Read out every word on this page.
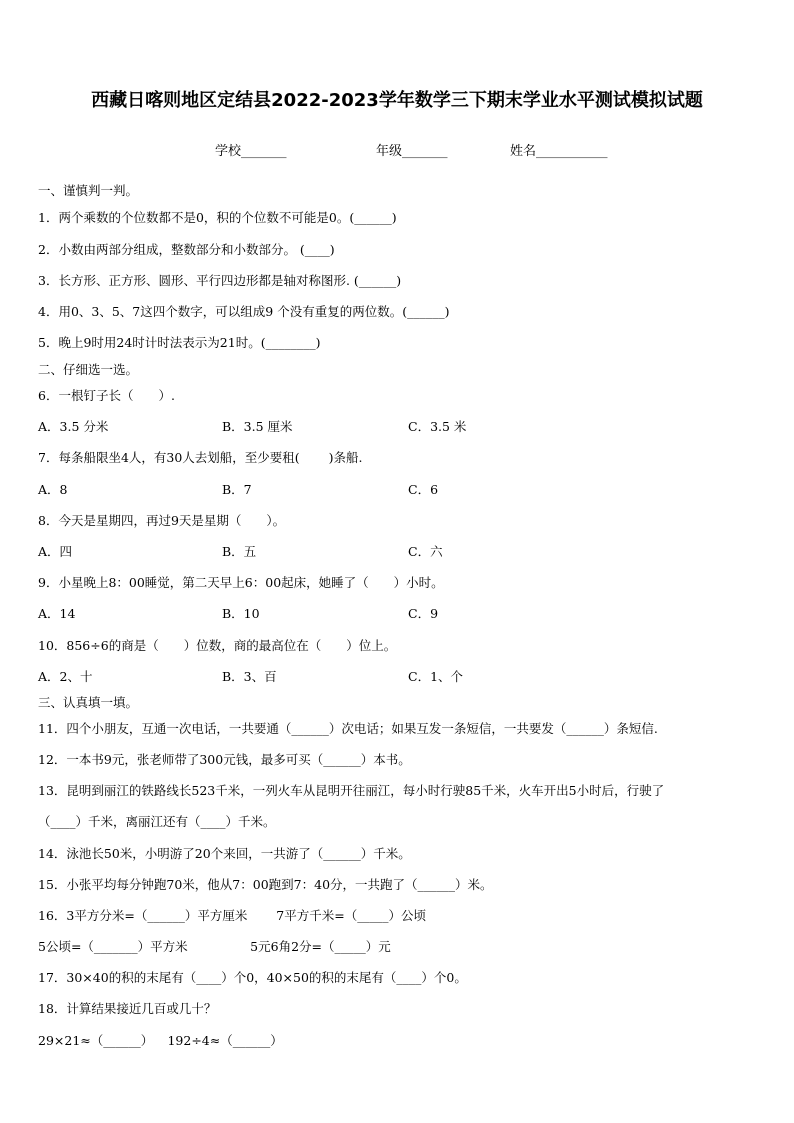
西藏日喀则地区定结县2022-2023学年数学三下期末学业水平测试模拟试题
学校_______	年级_______	姓名___________
一、谨慎判一判。
1．两个乘数的个位数都不是0，积的个位数不可能是0。(______)
2．小数由两部分组成，整数部分和小数部分。 (____)
3．长方形、正方形、圆形、平行四边形都是轴对称图形. (______)
4．用0、3、5、7这四个数字，可以组成9 个没有重复的两位数。(______)
5．晚上9时用24时计时法表示为21时。(________)
二、仔细选一选。
6．一根钉子长（　　）.
A．3.5 分米	B．3.5 厘米	C．3.5 米
7．每条船限坐4人，有30人去划船，至少要租(　　 )条船.
A．8	B．7	C．6
8．今天是星期四，再过9天是星期（　　）。
A．四	B．五	C．六
9．小星晚上8：00睡觉，第二天早上6：00起床，她睡了（　　）小时。
A．14	B．10	C．9
10．856÷6的商是（　　）位数，商的最高位在（　　）位上。
A．2、十	B．3、百	C．1、个
三、认真填一填。
11．四个小朋友，互通一次电话，一共要通（______）次电话；如果互发一条短信，一共要发（______）条短信.
12．一本书9元，张老师带了300元钱，最多可买（______）本书。
13．昆明到丽江的铁路线长523千米，一列火车从昆明开往丽江，每小时行驶85千米，火车开出5小时后，行驶了
（____）千米，离丽江还有（____）千米。
14．泳池长50米，小明游了20个来回，一共游了（______）千米。
15．小张平均每分钟跑70米，他从7：00跑到7：40分，一共跑了（______）米。
16．3平方分米=（______）平方厘米　　 7平方千米=（_____）公顷
5公顷=（_______）平方米　　　　　5元6角2分=（_____）元
17．30×40的积的末尾有（____）个0，40×50的积的末尾有（____）个0。
18．计算结果接近几百或几十？
29×21≈（______）　  192÷4≈（______）
